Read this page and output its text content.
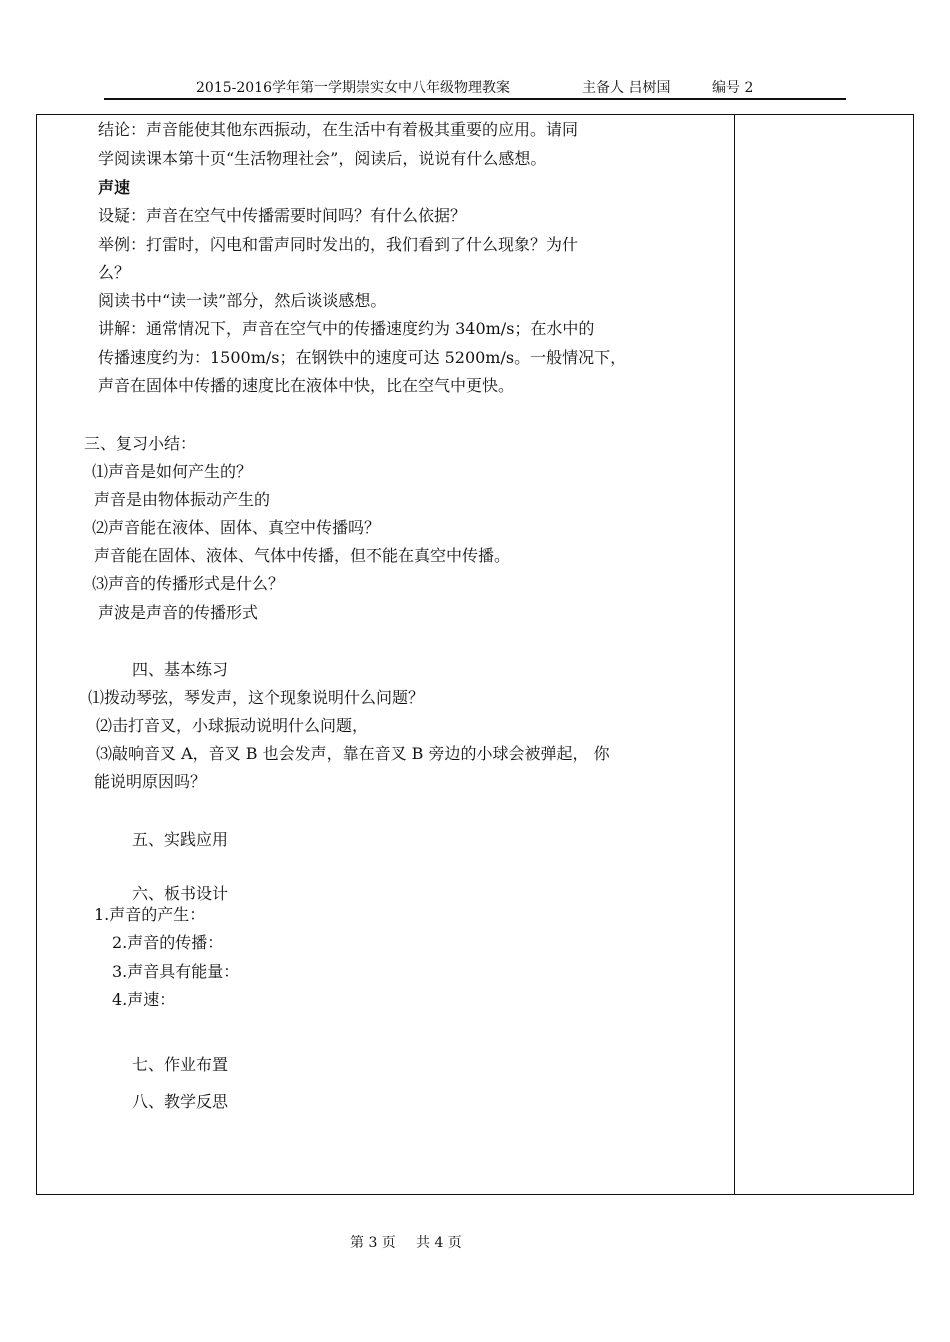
2015-2016学年第一学期崇实女中八年级物理教案	主备人 吕树国	编号 2
结论：声音能使其他东西振动，在生活中有着极其重要的应用。请同
学阅读课本第十页“生活物理社会”，阅读后，说说有什么感想。
声速
设疑：声音在空气中传播需要时间吗？有什么依据？
举例：打雷时，闪电和雷声同时发出的，我们看到了什么现象？为什
么？
阅读书中“读一读”部分，然后谈谈感想。
讲解：通常情况下，声音在空气中的传播速度约为 340m/s；在水中的
传播速度约为：1500m/s；在钢铁中的速度可达 5200m/s。一般情况下，
声音在固体中传播的速度比在液体中快，比在空气中更快。
三、复习小结：
⑴声音是如何产生的？
声音是由物体振动产生的
⑵声音能在液体、固体、真空中传播吗？
声音能在固体、液体、气体中传播，但不能在真空中传播。
⑶声音的传播形式是什么？
声波是声音的传播形式
四、基本练习
⑴拨动琴弦，琴发声，这个现象说明什么问题？
⑵击打音叉，小球振动说明什么问题，
⑶敲响音叉 A，音叉 B 也会发声，靠在音叉 B 旁边的小球会被弹起， 你
能说明原因吗？
五、实践应用
六、板书设计
1.声音的产生：
2.声音的传播：
3.声音具有能量：
4.声速：
七、作业布置
八、教学反思
第 3 页 共 4 页
